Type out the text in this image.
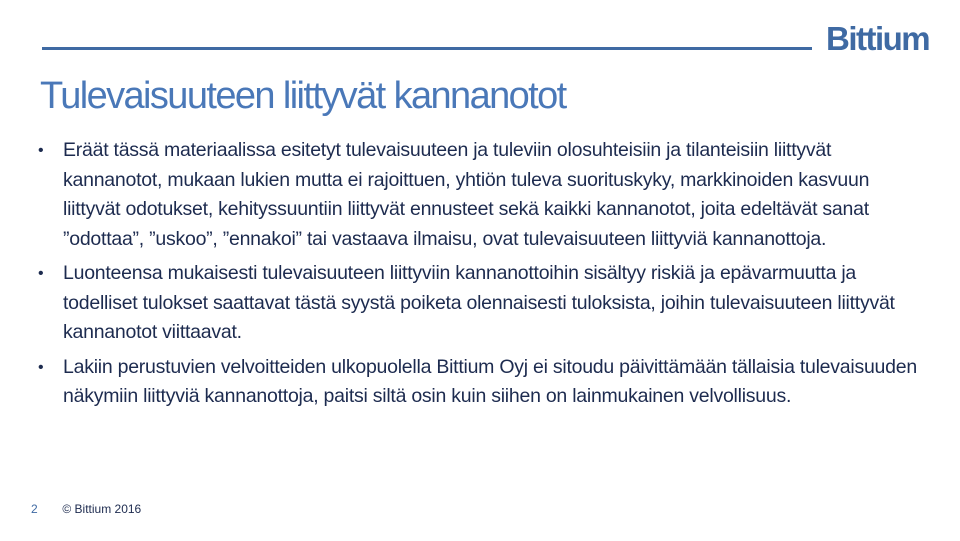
Bittium
Tulevaisuuteen liittyvät kannanotot
• Eräät tässä materiaalissa esitetyt tulevaisuuteen ja tuleviin olosuhteisiin ja tilanteisiin liittyvät kannanotot, mukaan lukien mutta ei rajoittuen, yhtiön tuleva suorituskyky, markkinoiden kasvuun liittyvät odotukset, kehityssuuntiin liittyvät ennusteet sekä kaikki kannanotot, joita edeltävät sanat ”odottaa”, ”uskoo”, ”ennakoi” tai vastaava ilmaisu, ovat tulevaisuuteen liittyviä kannanottoja.
• Luonteensa mukaisesti tulevaisuuteen liittyviin kannanottoihin sisältyy riskiä ja epävarmuutta ja todelliset tulokset saattavat tästä syystä poiketa olennaisesti tuloksista, joihin tulevaisuuteen liittyvät kannanotot viittaavat.
• Lakiin perustuvien velvoitteiden ulkopuolella Bittium Oyj ei sitoudu päivittämään tällaisia tulevaisuuden näkymiin liittyviä kannanottoja, paitsi siltä osin kuin siihen on lainmukainen velvollisuus.
2 © Bittium 2016
